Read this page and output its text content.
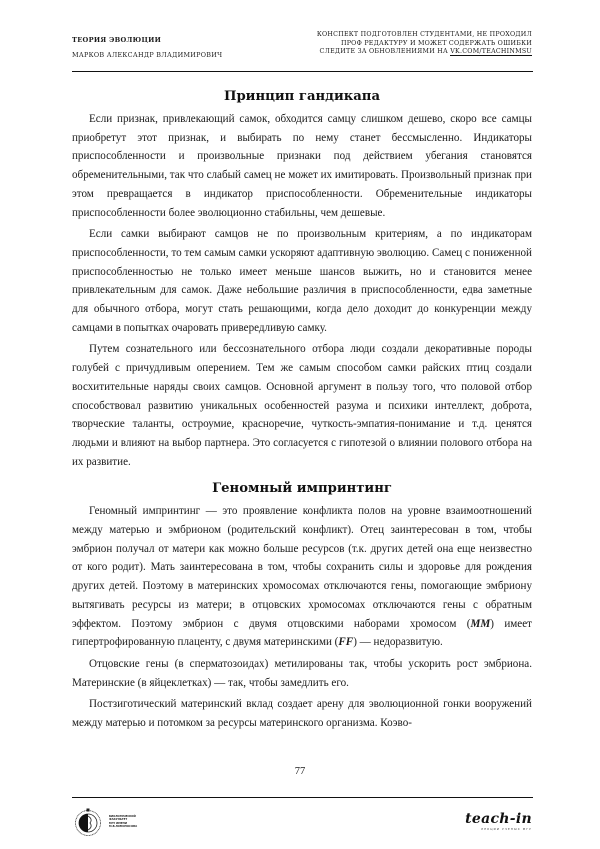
ТЕОРИЯ ЭВОЛЮЦИИ
МАРКОВ АЛЕКСАНДР ВЛАДИМИРОВИЧ
КОНСПЕКТ ПОДГОТОВЛЕН СТУДЕНТАМИ, НЕ ПРОХОДИЛ
ПРОФ РЕДАКТУРУ И МОЖЕТ СОДЕРЖАТЬ ОШИБКИ
СЛЕДИТЕ ЗА ОБНОВЛЕНИЯМИ НА VK.COM/TEACHINMSU
Принцип гандикапа

Если признак, привлекающий самок, обходится самцу слишком дешево, скоро все самцы приобретут этот признак, и выбирать по нему станет бессмысленно. Индикаторы приспособленности и произвольные признаки под действием убегания становятся обременительными, так что слабый самец не может их имитировать. Произвольный признак при этом превращается в индикатор приспособленности. Обременительные индикаторы приспособленности более эволюционно стабильны, чем дешевые.

Если самки выбирают самцов не по произвольным критериям, а по индикаторам приспособленности, то тем самым самки ускоряют адаптивную эволюцию. Самец с пониженной приспособленностью не только имеет меньше шансов выжить, но и становится менее привлекательным для самок. Даже небольшие различия в приспособленности, едва заметные для обычного отбора, могут стать решающими, когда дело доходит до конкуренции между самцами в попытках очаровать привередливую самку.

Путем сознательного или бессознательного отбора люди создали декоративные породы голубей с причудливым оперением. Тем же самым способом самки райских птиц создали восхитительные наряды своих самцов. Основной аргумент в пользу того, что половой отбор способствовал развитию уникальных особенностей разума и психики интеллект, доброта, творческие таланты, остроумие, красноречие, чуткость-эмпатия-понимание и т.д. ценятся людьми и влияют на выбор партнера. Это согласуется с гипотезой о влиянии полового отбора на их развитие.

Геномный импринтинг

Геномный импринтинг — это проявление конфликта полов на уровне взаимоотношений между матерью и эмбрионом (родительский конфликт). Отец заинтересован в том, чтобы эмбрион получал от матери как можно больше ресурсов (т.к. других детей она еще неизвестно от кого родит). Мать заинтересована в том, чтобы сохранить силы и здоровье для рождения других детей. Поэтому в материнских хромосомах отключаются гены, помогающие эмбриону вытягивать ресурсы из матери; в отцовских хромосомах отключаются гены с обратным эффектом. Поэтому эмбрион с двумя отцовскими наборами хромосом (MM) имеет гипертрофированную плаценту, с двумя материнскими (FF) — недоразвитую.

Отцовские гены (в сперматозоидах) метилированы так, чтобы ускорить рост эмбриона. Материнские (в яйцеклетках) — так, чтобы замедлить его.

Постзиготический материнский вклад создает арену для эволюционной гонки вооружений между матерью и потомком за ресурсы материнского организма. Коэво-

77
БИОЛОГИЧЕСКИЙ
ФАКУЛЬТЕТ
МГУ ИМЕНИ
М.В.ЛОМОНОСОВА	teach-in
ЛЕКЦИИ УЧЕНЫХ МГУ
